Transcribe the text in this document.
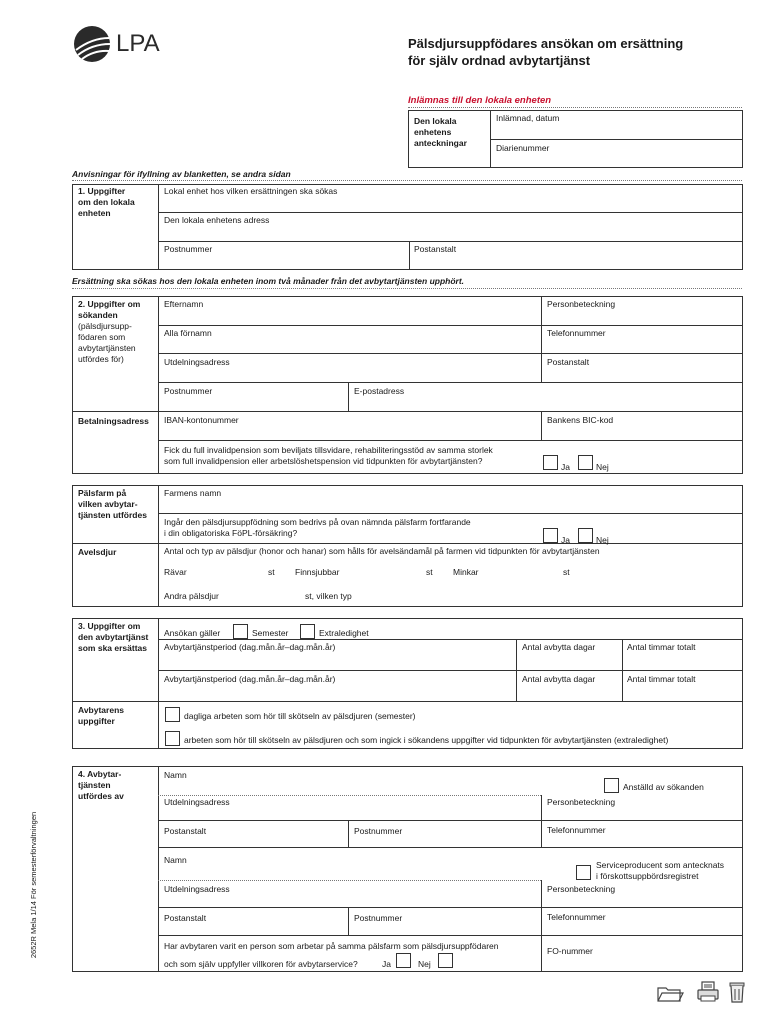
LPA	Pälsdjursuppfödares ansökan om ersättning
för själv ordnad avbytartjänst
Inlämnas till den lokala enheten
Den lokala
enhetens
anteckningar
Inlämnad, datum
Diarienummer
Anvisningar för ifyllning av blanketten, se andra sidan
1. Uppgifter
om den lokala
enheten
Lokal enhet hos vilken ersättningen ska sökas
Den lokala enhetens adress
Postnummer	Postanstalt
Ersättning ska sökas hos den lokala enheten inom två månader från det avbytartjänsten upphört.
2. Uppgifter om
sökanden
(pälsdjursupp-
födaren som
avbytartjänsten
utfördes för)
Efternamn	Personbeteckning
Alla förnamn	Telefonnummer
Utdelningsadress	Postanstalt
Postnummer	E-postadress
Betalningsadress IBAN-kontonummer	Bankens BIC-kod
Fick du full invalidpension som beviljats tillsvidare, rehabiliteringsstöd av samma storlek
som full invalidpension eller arbetslöshetspension vid tidpunkten för avbytartjänsten?
Ja	Nej
Pälsfarm på
vilken avbytar-
tjänsten utfördes
Farmens namn
Ingår den pälsdjursuppfödning som bedrivs på ovan nämnda pälsfarm fortfarande
i din obligatoriska FöPL-försäkring?
Ja	Nej
Avelsdjur	Antal och typ av pälsdjur (honor och hanar) som hålls för avelsändamål på farmen vid tidpunkten för avbytartjänsten
Rävar	st Finnsjubbar	st Minkar	st
Andra pälsdjur	st, vilken typ
3. Uppgifter om
den avbytartjänst
som ska ersättas
Ansökan gäller	Semester	Extraledighet
Avbytartjänstperiod (dag.mån.år–dag.mån.år)	Antal avbytta dagar	Antal timmar totalt
Avbytartjänstperiod (dag.mån.år–dag.mån.år)	Antal avbytta dagar	Antal timmar totalt
Avbytarens
uppgifter	dagliga arbeten som hör till skötseln av pälsdjuren (semester)
arbeten som hör till skötseln av pälsdjuren och som ingick i sökandens uppgifter vid tidpunkten för avbytartjänsten (extraledighet)
4. Avbytar-
tjänsten
utfördes av
Namn
Anställd av sökanden
Utdelningsadress	Personbeteckning
Postanstalt	Postnummer	Telefonnummer
Namn	Serviceproducent som antecknats
i förskottsuppbördsregistret
Utdelningsadress	Personbeteckning
Postanstalt	Postnummer	Telefonnummer
Har avbytaren varit en person som arbetar på samma pälsfarm som pälsdjursuppfödaren
och som själv uppfyller villkoren för avbytarservice?	Ja	Nej
FO-nummer
2652R Mela 1/14 För semesterförvaltningen
